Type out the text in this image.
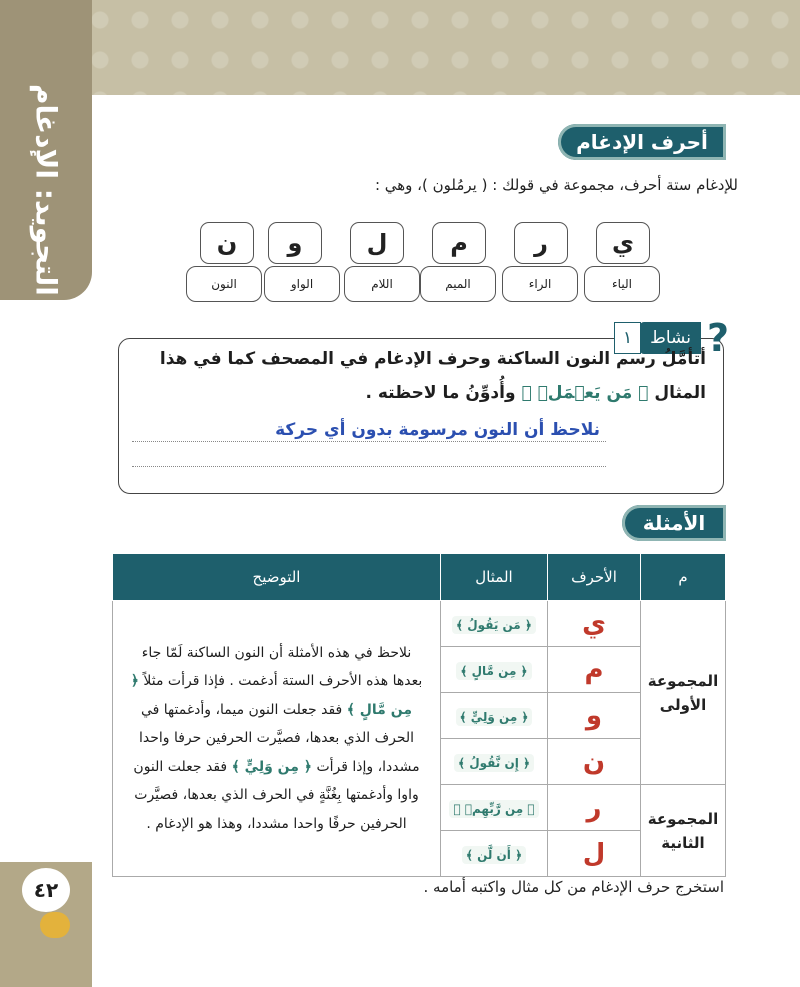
التجويد: الإدغام	أحرف الإدغام
للإدغام ستة أحرف، مجموعة في قولك : ( يرمُلون )، وهي :
ي
ر
م
ل
و
ن
الياء
الراء
الميم
اللام
الواو
النون
?
نشاط
١
أتأمَّلُ رسم النون الساكنة وحرف الإدغام في المصحف كما في هذا
المثال ﴿ مَن يَعۡمَلۡ ﴾ وأُدوِّنُ ما لاحظته .
نلاحظ أن النون مرسومة بدون أي حركة
الأمثلة
م	الأحرف	المثال	التوضيح
المجموعة الأولى	ي	﴿ مَن يَقُولُ ﴾	نلاحظ في هذه الأمثلة أن النون الساكنة لَمّا جاء بعدها هذه الأحرف الستة أدغمت . فإذا قرأت مثلاً ﴿ مِن مَّالٍ ﴾ فقد جعلت النون ميما، وأدغمتها في الحرف الذي بعدها، فصيَّرت الحرفين حرفا واحدا مشددا، وإذا قرأت ﴿ مِن وَلِيٍّ ﴾ فقد جعلت النون واوا وأدغمتها بِغُنَّةٍ في الحرف الذي بعدها، فصيَّرت الحرفين حرفًا واحدا مشددا، وهذا هو الإدغام .
	م	﴿ مِن مَّالٍ ﴾	
	و	﴿ مِن وَلِيٍّ ﴾	
	ن	﴿ إِن نَّقُولُ ﴾	
المجموعة الثانية	ر	﴿ مِن رَّبِّهِمۡ ﴾	
	ل	﴿ أَن لَّن ﴾	
٤٢	استخرج حرف الإدغام من كل مثال واكتبه أمامه .
